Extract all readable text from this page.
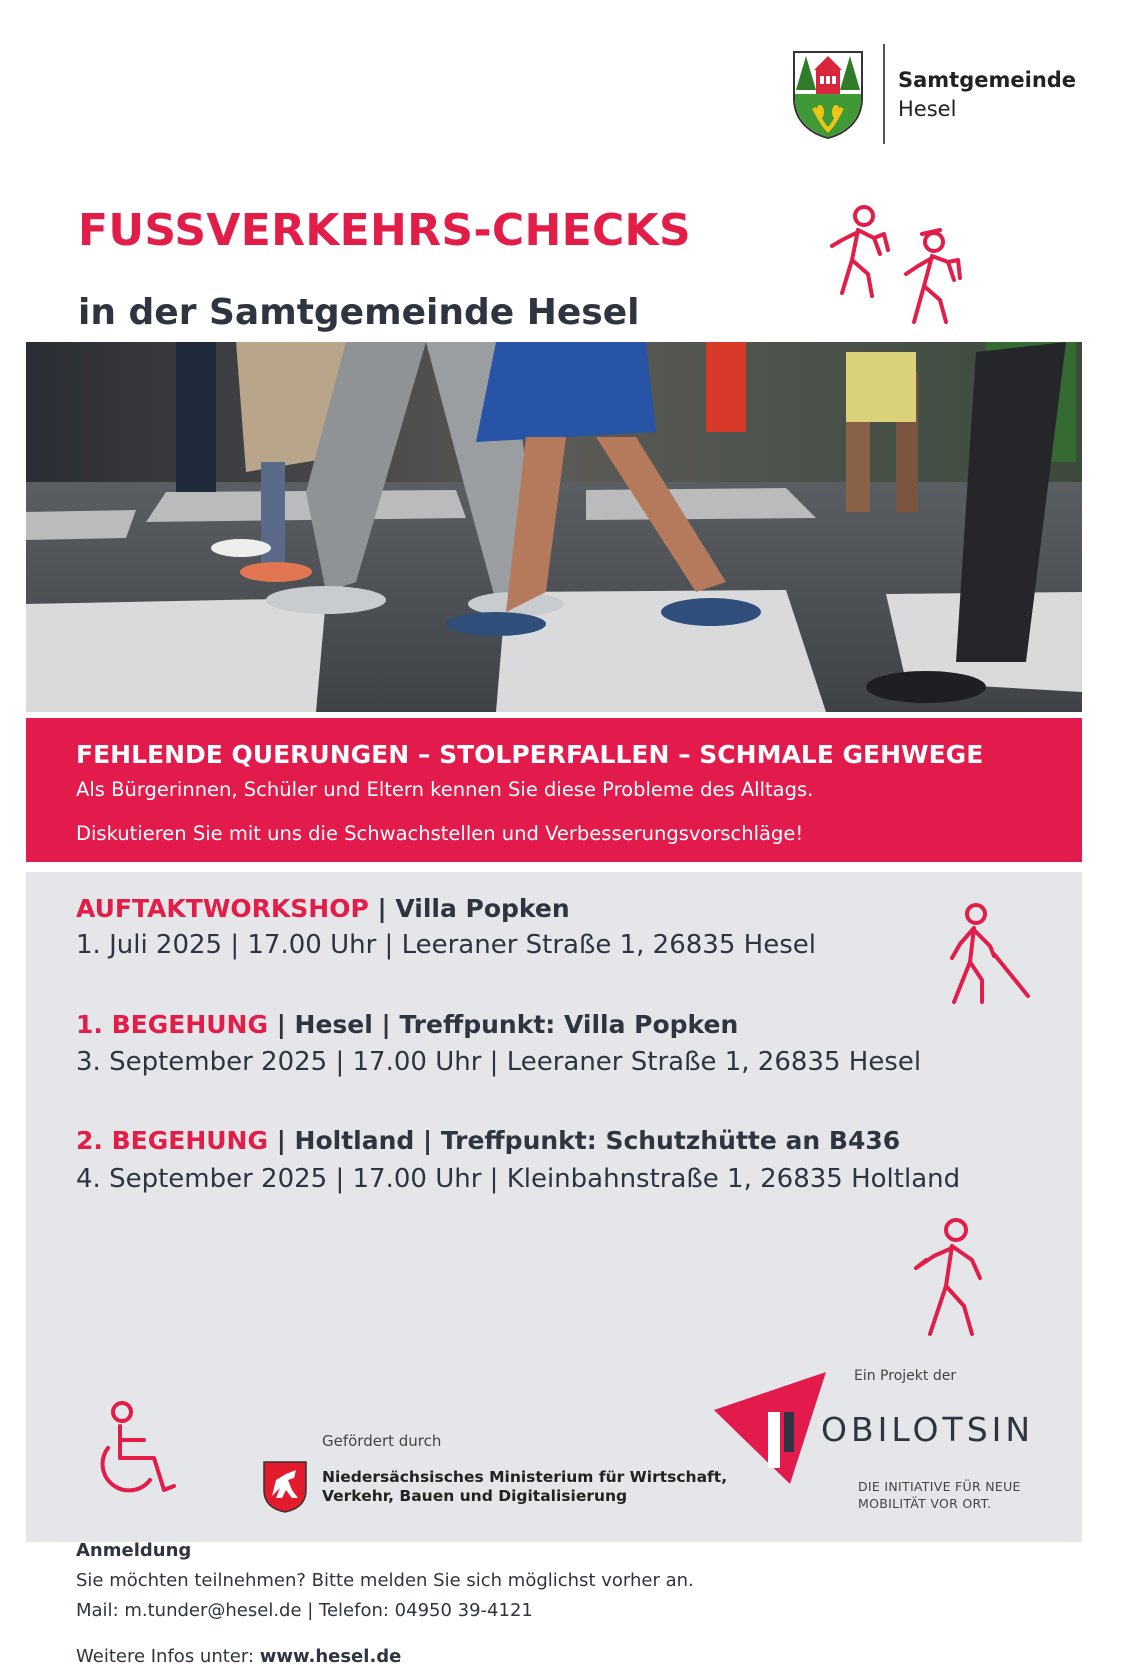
Samtgemeinde
Hesel
FUSSVERKEHRS-CHECKS
in der Samtgemeinde Hesel
FEHLENDE QUERUNGEN – STOLPERFALLEN – SCHMALE GEHWEGE
Als Bürgerinnen, Schüler und Eltern kennen Sie diese Probleme des Alltags.
Diskutieren Sie mit uns die Schwachstellen und Verbesserungsvorschläge!
AUFTAKTWORKSHOP | Villa Popken
1. Juli 2025 | 17.00 Uhr | Leeraner Straße 1, 26835 Hesel
1. BEGEHUNG | Hesel | Treffpunkt: Villa Popken
3. September 2025 | 17.00 Uhr | Leeraner Straße 1, 26835 Hesel
2. BEGEHUNG | Holtland | Treffpunkt: Schutzhütte an B436
4. September 2025 | 17.00 Uhr | Kleinbahnstraße 1, 26835 Holtland
Anmeldung
Sie möchten teilnehmen? Bitte melden Sie sich möglichst vorher an.
Mail: m.tunder@hesel.de | Telefon: 04950 39-4121
Weitere Infos unter: www.hesel.de
Gefördert durch
Niedersächsisches Ministerium für Wirtschaft,
Verkehr, Bauen und Digitalisierung
Ein Projekt der
OBILOTSIN
DIE INITIATIVE FÜR NEUE
MOBILITÄT VOR ORT.
